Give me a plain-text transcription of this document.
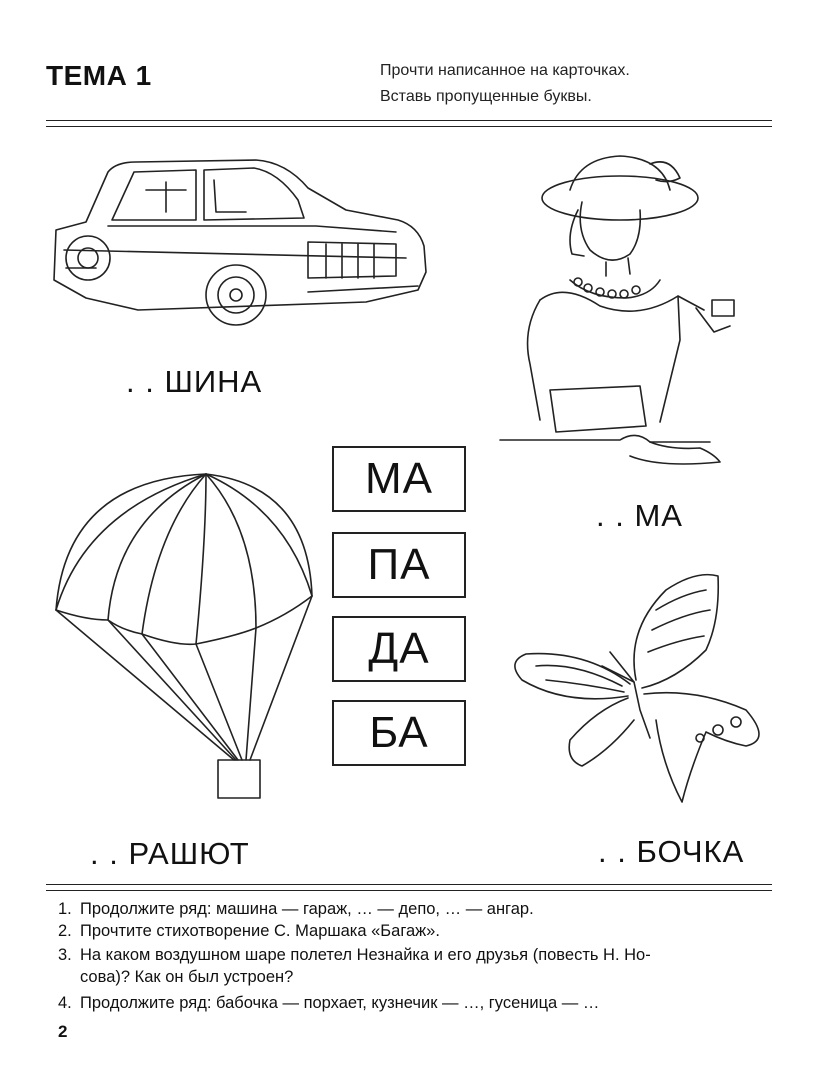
ТЕМА 1	Прочти написанное на карточках.
Вставь пропущенные буквы.
. . ШИНА
. . МА
МА
ПА
ДА
БА
. . РАШЮТ	. . БОЧКА
1. Продолжите ряд: машина — гараж, … — депо, … — ангар.
2. Прочтите стихотворение С. Маршака «Багаж».
3. На каком воздушном шаре полетел Незнайка и его друзья (повесть Н. Но-
сова)? Как он был устроен?
4. Продолжите ряд: бабочка — порхает, кузнечик — …, гусеница — …
2
